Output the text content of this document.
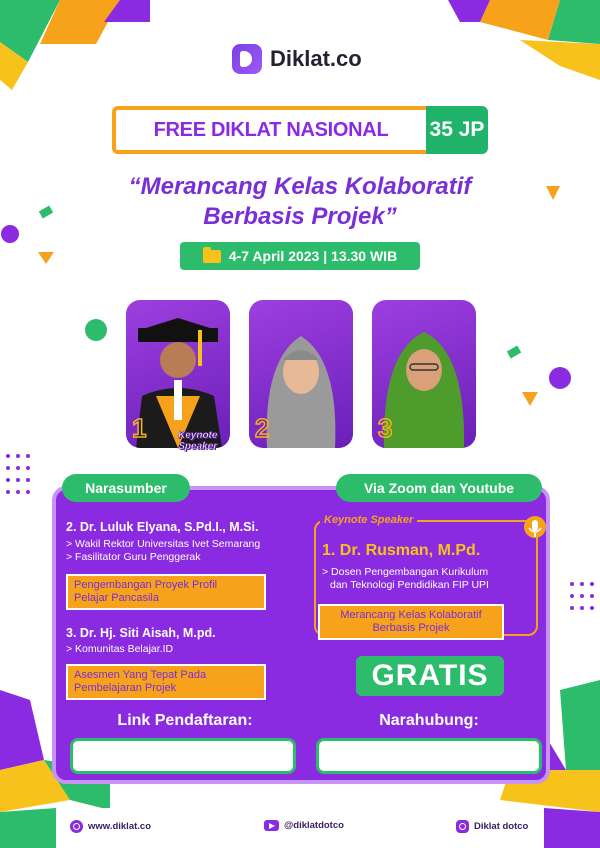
Diklat.co
FREE DIKLAT NASIONAL	35 JP
“Merancang Kelas Kolaboratif
Berbasis Projek”
4-7 April 2023 | 13.30 WIB
1	2	3
Keynote
Speaker
Narasumber	Via Zoom dan Youtube
2. Dr. Luluk Elyana, S.Pd.I., M.Si.
> Wakil Rektor Universitas Ivet Semarang
> Fasilitator Guru Penggerak
Pengembangan Proyek Profil
Pelajar Pancasila
3. Dr. Hj. Siti Aisah, M.pd.
> Komunitas Belajar.ID
Asesmen Yang Tepat Pada
Pembelajaran Projek
Keynote Speaker
1. Dr. Rusman, M.Pd.
> Dosen Pengembangan Kurikulum
dan Teknologi Pendidikan FIP UPI
Merancang Kelas Kolaboratif
Berbasis Projek
GRATIS
Link Pendaftaran:	Narahubung:
www.diklat.co	@diklatdotco	Diklat dotco
